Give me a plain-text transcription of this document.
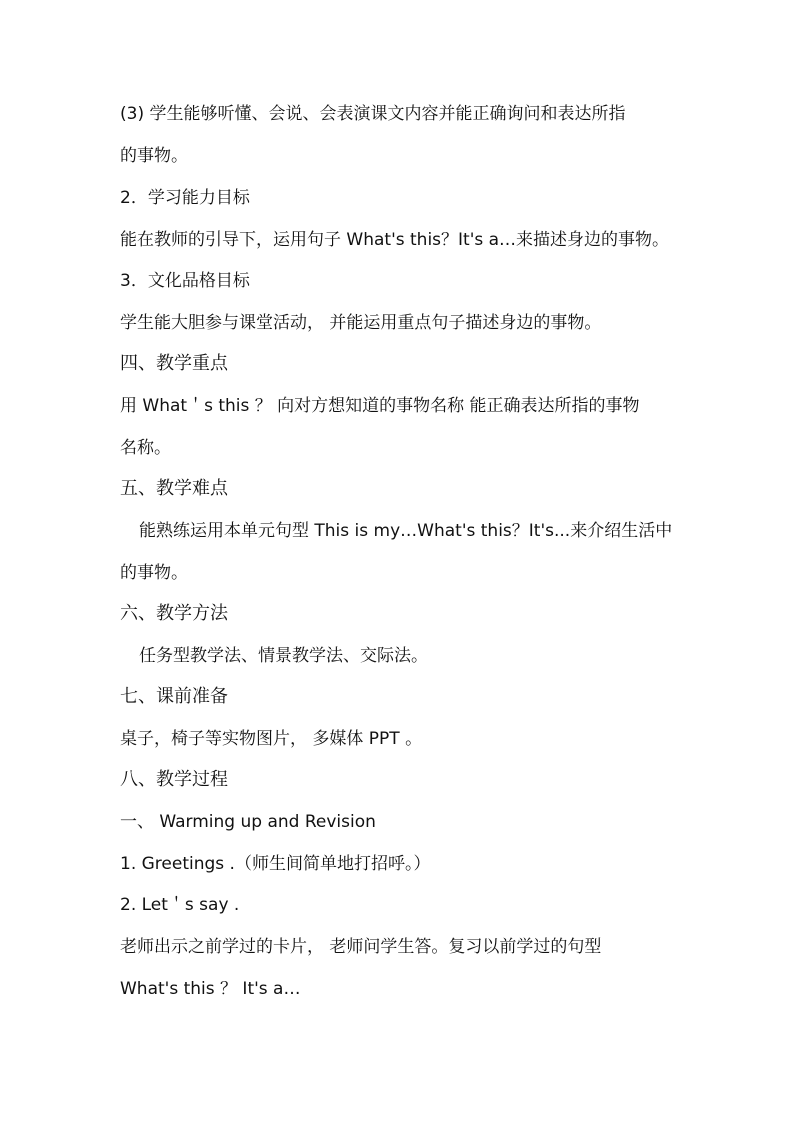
(3) 学生能够听懂、会说、会表演课文内容并能正确询问和表达所指
的事物。
2．学习能力目标
能在教师的引导下，运用句子 What's this？It's a…来描述身边的事物。
3．文化品格目标
学生能大胆参与课堂活动， 并能运用重点句子描述身边的事物。
四、教学重点
用 What＇s this ？ 向对方想知道的事物名称 能正确表达所指的事物
名称。
五、教学难点
能熟练运用本单元句型 This is my…What's this？It's...来介绍生活中
的事物。
六、教学方法
任务型教学法、情景教学法、交际法。
七、课前准备
桌子，椅子等实物图片， 多媒体 PPT 。
八、教学过程
一、 Warming up and Revision
1. Greetings .（师生间简单地打招呼。）
2. Let＇s say .
老师出示之前学过的卡片， 老师问学生答。复习以前学过的句型
What's this ？ It's a…
